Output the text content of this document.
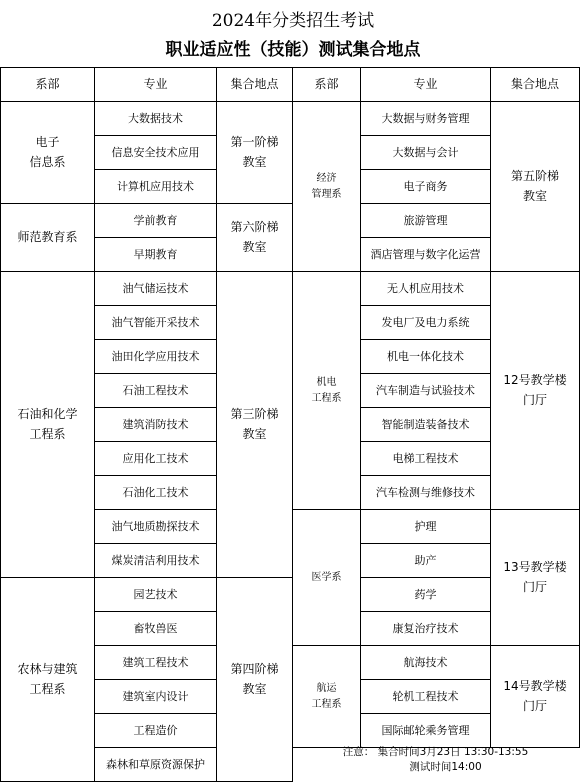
2024年分类招生考试
职业适应性（技能）测试集合地点
系部	专业	集合地点

电子
信息系	大数据技术	第一阶梯
教室

	信息安全技术应用	
	计算机应用技术	

师范教育系	学前教育	第六阶梯
教室

	早期教育	

石油和化学
工程系	油气储运技术	第三阶梯
教室

	油气智能开采技术	
	油田化学应用技术	
	石油工程技术	
	建筑消防技术	
	应用化工技术	
	石油化工技术	
	油气地质勘探技术	
	煤炭清洁利用技术	

农林与建筑
工程系	园艺技术	第四阶梯
教室

	畜牧兽医	
	建筑工程技术	
	建筑室内设计	
	工程造价	
	森林和草原资源保护	
系部	专业	集合地点

经济
管理系	大数据与财务管理	第五阶梯
教室

	大数据与会计	
	电子商务	
	旅游管理	
	酒店管理与数字化运营	

机电
工程系	无人机应用技术	12号教学楼
门厅

	发电厂及电力系统	
	机电一体化技术	
	汽车制造与试验技术	
	智能制造装备技术	
	电梯工程技术	
	汽车检测与维修技术	

医学系	护理	13号教学楼
门厅

	助产	
	药学	
	康复治疗技术	

航运
工程系	航海技术	14号教学楼
门厅

	轮机工程技术	
	国际邮轮乘务管理	
注意： 集合时间3月23日 13:30-13:55
测试时间14:00
